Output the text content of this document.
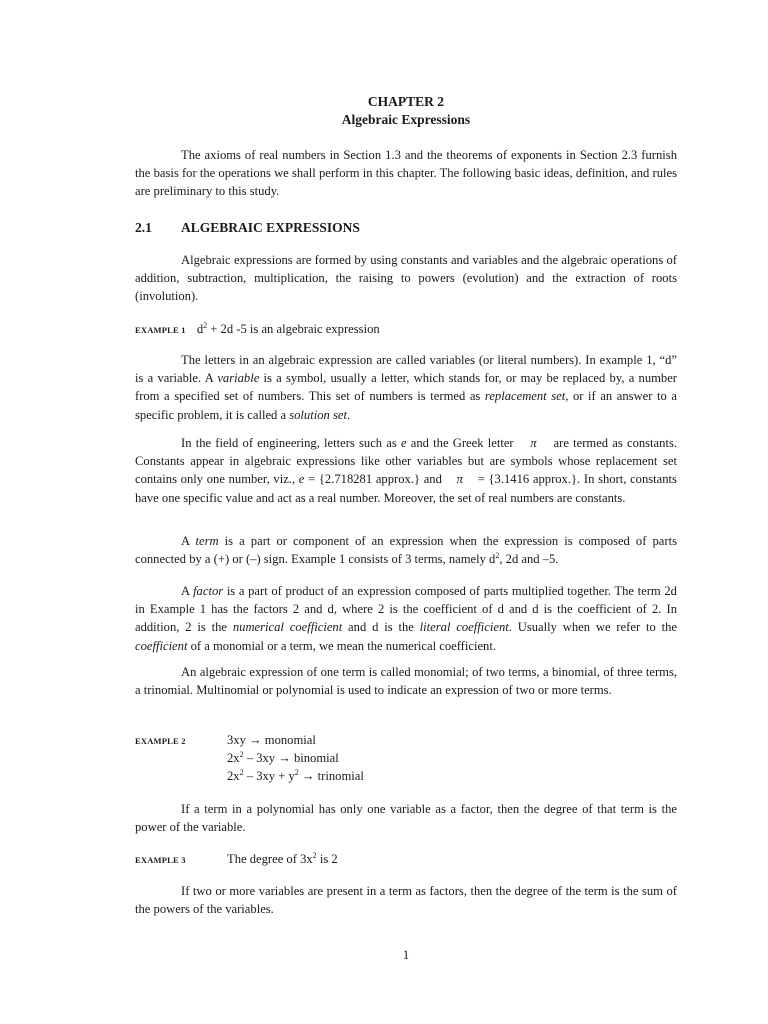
CHAPTER 2
Algebraic Expressions
The axioms of real numbers in Section 1.3 and the theorems of exponents in Section 2.3 furnish the basis for the operations we shall perform in this chapter. The following basic ideas, definition, and rules are preliminary to this study.
2.1 ALGEBRAIC EXPRESSIONS
Algebraic expressions are formed by using constants and variables and the algebraic operations of addition, subtraction, multiplication, the raising to powers (evolution) and the extraction of roots (involution).
EXAMPLE 1 $d^2 + 2d$ -5 is an algebraic expression
The letters in an algebraic expression are called variables (or literal numbers). In example 1, “d” is a variable. A variable is a symbol, usually a letter, which stands for, or may be replaced by, a number from a specified set of numbers. This set of numbers is termed as replacement set, or if an answer to a specific problem, it is called a solution set.
In the field of engineering, letters such as e and the Greek letter    π    are termed as constants. Constants appear in algebraic expressions like other variables but are symbols whose replacement set contains only one number, viz., e = {2.718281 approx.} and    π    = {3.1416 approx.}. In short, constants have one specific value and act as a real number. Moreover, the set of real numbers are constants.
A term is a part or component of an expression when the expression is composed of parts connected by a (+) or (–) sign. Example 1 consists of 3 terms, namely $d^2$, 2d and –5.
A factor is a part of product of an expression composed of parts multiplied together. The term 2d in Example 1 has the factors 2 and d, where 2 is the coefficient of d and d is the coefficient of 2. In addition, 2 is the numerical coefficient and d is the literal coefficient. Usually when we refer to the coefficient of a monomial or a term, we mean the numerical coefficient.
An algebraic expression of one term is called monomial; of two terms, a binomial, of three terms, a trinomial. Multinomial or polynomial is used to indicate an expression of two or more terms.
EXAMPLE 2	3xy → monomial
$2x^2 - 3xy$ → binomial
$2x^2 - 3xy + y^2$ → trinomial
If a term in a polynomial has only one variable as a factor, then the degree of that term is the power of the variable.
EXAMPLE 3	The degree of $3x^2$ is 2
If two or more variables are present in a term as factors, then the degree of the term is the sum of the powers of the variables.
1
